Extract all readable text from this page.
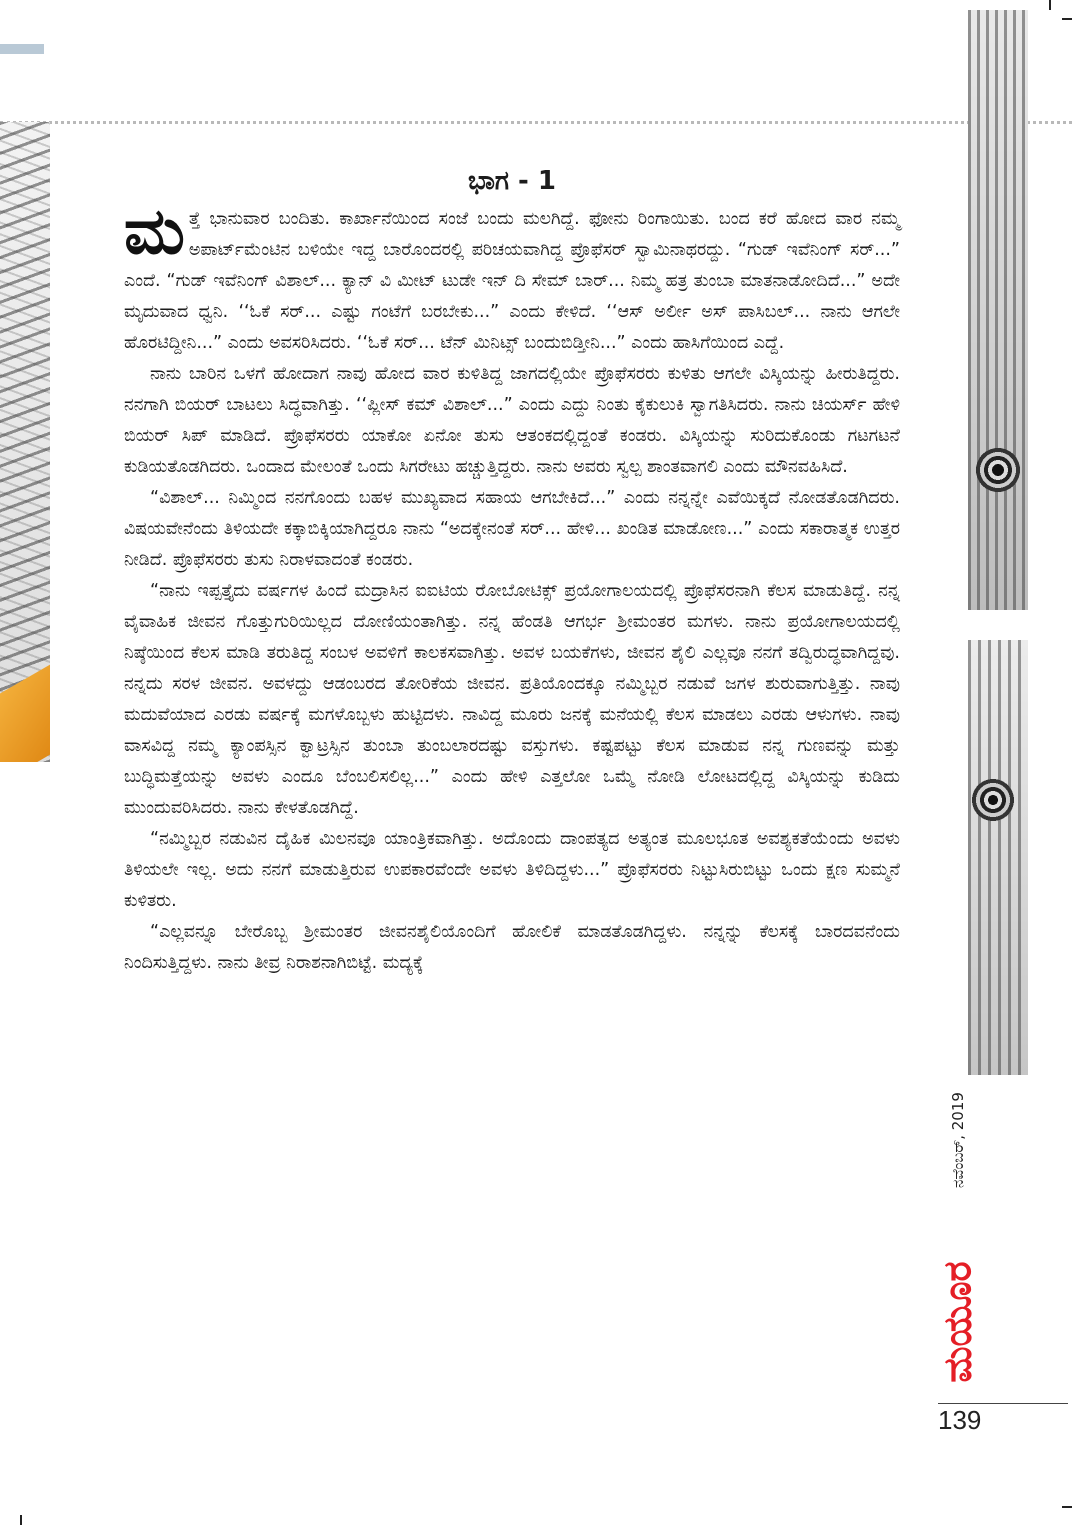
ಭಾಗ - 1

ಮತ್ತೆ ಭಾನುವಾರ ಬಂದಿತು. ಕಾರ್ಖಾನೆಯಿಂದ ಸಂಜೆ ಬಂದು ಮಲಗಿದ್ದೆ. ಫೋನು ರಿಂಗಾಯಿತು. ಬಂದ ಕರೆ ಹೋದ ವಾರ ನಮ್ಮ ಅಪಾರ್ಟ್‌ಮೆಂಟಿನ ಬಳಿಯೇ ಇದ್ದ ಬಾರೊಂದರಲ್ಲಿ ಪರಿಚಯವಾಗಿದ್ದ ಪ್ರೊಫೆಸರ್ ಸ್ವಾಮಿನಾಥರದ್ದು. “ಗುಡ್ ಇವೆನಿಂಗ್ ಸರ್...” ಎಂದೆ. “ಗುಡ್ ಇವೆನಿಂಗ್ ವಿಶಾಲ್... ಕ್ಯಾನ್ ವಿ ಮೀಟ್ ಟುಡೇ ಇನ್ ದಿ ಸೇಮ್ ಬಾರ್... ನಿಮ್ಮ ಹತ್ರ ತುಂಬಾ ಮಾತನಾಡೋದಿದೆ...” ಅದೇ ಮೃದುವಾದ ಧ್ವನಿ. ‘‘ಓಕೆ ಸರ್... ಎಷ್ಟು ಗಂಟೆಗೆ ಬರಬೇಕು...” ಎಂದು ಕೇಳಿದೆ. ‘‘ಆಸ್ ಅರ್ಲೀ ಅಸ್ ಪಾಸಿಬಲ್... ನಾನು ಆಗಲೇ ಹೊರಟಿದ್ದೀನಿ...” ಎಂದು ಅವಸರಿಸಿದರು. ‘‘ಓಕೆ ಸರ್... ಟೆನ್ ಮಿನಿಟ್ಸ್ ಬಂದುಬಿಡ್ತೀನಿ...” ಎಂದು ಹಾಸಿಗೆಯಿಂದ ಎದ್ದೆ.

ನಾನು ಬಾರಿನ ಒಳಗೆ ಹೋದಾಗ ನಾವು ಹೋದ ವಾರ ಕುಳಿತಿದ್ದ ಜಾಗದಲ್ಲಿಯೇ ಪ್ರೊಫೆಸರರು ಕುಳಿತು ಆಗಲೇ ವಿಸ್ಕಿಯನ್ನು ಹೀರುತಿದ್ದರು. ನನಗಾಗಿ ಬಿಯರ್ ಬಾಟಲು ಸಿದ್ಧವಾಗಿತ್ತು. ‘‘ಪ್ಲೀಸ್ ಕಮ್ ವಿಶಾಲ್...” ಎಂದು ಎದ್ದು ನಿಂತು ಕೈಕುಲುಕಿ ಸ್ವಾಗತಿಸಿದರು. ನಾನು ಚಿಯರ್ಸ್ ಹೇಳಿ ಬಿಯರ್ ಸಿಪ್ ಮಾಡಿದೆ. ಪ್ರೊಫೆಸರರು ಯಾಕೋ ಏನೋ ತುಸು ಆತಂಕದಲ್ಲಿದ್ದಂತೆ ಕಂಡರು. ವಿಸ್ಕಿಯನ್ನು ಸುರಿದುಕೊಂಡು ಗಟಗಟನೆ ಕುಡಿಯತೊಡಗಿದರು. ಒಂದಾದ ಮೇಲಂತೆ ಒಂದು ಸಿಗರೇಟು ಹಚ್ಚುತ್ತಿದ್ದರು. ನಾನು ಅವರು ಸ್ವಲ್ಪ ಶಾಂತವಾಗಲಿ ಎಂದು ಮೌನವಹಿಸಿದೆ.

“ವಿಶಾಲ್... ನಿಮ್ಮಿಂದ ನನಗೊಂದು ಬಹಳ ಮುಖ್ಯವಾದ ಸಹಾಯ ಆಗಬೇಕಿದೆ...” ಎಂದು ನನ್ನನ್ನೇ ಎವೆಯಿಕ್ಕದೆ ನೋಡತೊಡಗಿದರು. ವಿಷಯವೇನೆಂದು ತಿಳಿಯದೇ ಕಕ್ಕಾಬಿಕ್ಕಿಯಾಗಿದ್ದರೂ ನಾನು “ಅದಕ್ಕೇನಂತೆ ಸರ್... ಹೇಳಿ... ಖಂಡಿತ ಮಾಡೋಣ...” ಎಂದು ಸಕಾರಾತ್ಮಕ ಉತ್ತರ ನೀಡಿದೆ. ಪ್ರೊಫೆಸರರು ತುಸು ನಿರಾಳವಾದಂತೆ ಕಂಡರು.

“ನಾನು ಇಪ್ಪತ್ತೈದು ವರ್ಷಗಳ ಹಿಂದೆ ಮದ್ರಾಸಿನ ಐಐಟಿಯ ರೋಬೋಟಿಕ್ಸ್ ಪ್ರಯೋಗಾಲಯದಲ್ಲಿ ಪ್ರೊಫೆಸರನಾಗಿ ಕೆಲಸ ಮಾಡುತಿದ್ದೆ. ನನ್ನ ವೈವಾಹಿಕ ಜೀವನ ಗೊತ್ತುಗುರಿಯಿಲ್ಲದ ದೋಣಿಯಂತಾಗಿತ್ತು. ನನ್ನ ಹೆಂಡತಿ ಆಗರ್ಭ ಶ್ರೀಮಂತರ ಮಗಳು. ನಾನು ಪ್ರಯೋಗಾಲಯದಲ್ಲಿ ನಿಷ್ಠೆಯಿಂದ ಕೆಲಸ ಮಾಡಿ ತರುತಿದ್ದ ಸಂಬಳ ಅವಳಿಗೆ ಕಾಲಕಸವಾಗಿತ್ತು. ಅವಳ ಬಯಕೆಗಳು, ಜೀವನ ಶೈಲಿ ಎಲ್ಲವೂ ನನಗೆ ತದ್ವಿರುದ್ಧವಾಗಿದ್ದವು. ನನ್ನದು ಸರಳ ಜೀವನ. ಅವಳದ್ದು ಆಡಂಬರದ ತೋರಿಕೆಯ ಜೀವನ. ಪ್ರತಿಯೊಂದಕ್ಕೂ ನಮ್ಮಿಬ್ಬರ ನಡುವೆ ಜಗಳ ಶುರುವಾಗುತ್ತಿತ್ತು. ನಾವು ಮದುವೆಯಾದ ಎರಡು ವರ್ಷಕ್ಕೆ ಮಗಳೊಬ್ಬಳು ಹುಟ್ಟಿದಳು. ನಾವಿದ್ದ ಮೂರು ಜನಕ್ಕೆ ಮನೆಯಲ್ಲಿ ಕೆಲಸ ಮಾಡಲು ಎರಡು ಆಳುಗಳು. ನಾವು ವಾಸವಿದ್ದ ನಮ್ಮ ಕ್ಯಾಂಪಸ್ಸಿನ ಕ್ವಾಟ್ರಸ್ಸಿನ ತುಂಬಾ ತುಂಬಲಾರದಷ್ಟು ವಸ್ತುಗಳು. ಕಷ್ಟಪಟ್ಟು ಕೆಲಸ ಮಾಡುವ ನನ್ನ ಗುಣವನ್ನು ಮತ್ತು ಬುದ್ಧಿಮತ್ತೆಯನ್ನು ಅವಳು ಎಂದೂ ಬೆಂಬಲಿಸಲಿಲ್ಲ...” ಎಂದು ಹೇಳಿ ಎತ್ತಲೋ ಒಮ್ಮೆ ನೋಡಿ ಲೋಟದಲ್ಲಿದ್ದ ವಿಸ್ಕಿಯನ್ನು ಕುಡಿದು ಮುಂದುವರಿಸಿದರು. ನಾನು ಕೇಳತೊಡಗಿದ್ದೆ.

“ನಮ್ಮಿಬ್ಬರ ನಡುವಿನ ದೈಹಿಕ ಮಿಲನವೂ ಯಾಂತ್ರಿಕವಾಗಿತ್ತು. ಅದೊಂದು ದಾಂಪತ್ಯದ ಅತ್ಯಂತ ಮೂಲಭೂತ ಅವಶ್ಯಕತೆಯೆಂದು ಅವಳು ತಿಳಿಯಲೇ ಇಲ್ಲ. ಅದು ನನಗೆ ಮಾಡುತ್ತಿರುವ ಉಪಕಾರವೆಂದೇ ಅವಳು ತಿಳಿದಿದ್ದಳು...” ಪ್ರೊಫೆಸರರು ನಿಟ್ಟುಸಿರುಬಿಟ್ಟು ಒಂದು ಕ್ಷಣ ಸುಮ್ಮನೆ ಕುಳಿತರು.

“ಎಲ್ಲವನ್ನೂ ಬೇರೊಬ್ಬ ಶ್ರೀಮಂತರ ಜೀವನಶೈಲಿಯೊಂದಿಗೆ ಹೋಲಿಕೆ ಮಾಡತೊಡಗಿದ್ದಳು. ನನ್ನನ್ನು ಕೆಲಸಕ್ಕೆ ಬಾರದವನೆಂದು ನಿಂದಿಸುತ್ತಿದ್ದಳು. ನಾನು ತೀವ್ರ ನಿರಾಶನಾಗಿಬಿಟ್ಟೆ. ಮದ್ಯಕ್ಕೆ

ನವೆಂಬರ್, 2019
ಮಯೂರ
139
